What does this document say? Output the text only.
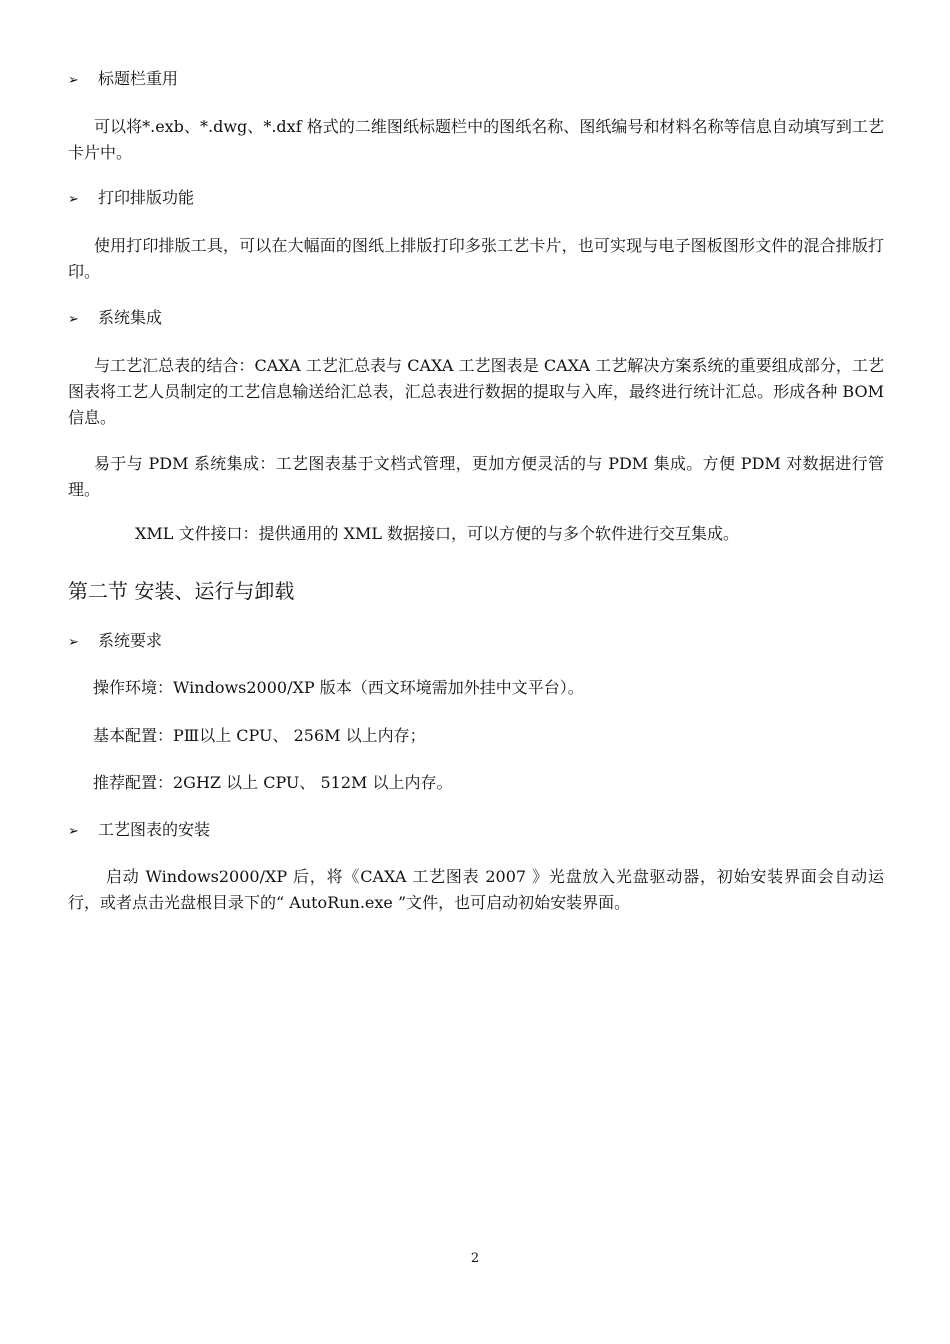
➢ 标题栏重用
可以将*.exb、*.dwg、*.dxf 格式的二维图纸标题栏中的图纸名称、图纸编号和材料名称等信息自动填写到工艺卡片中。
➢ 打印排版功能
使用打印排版工具，可以在大幅面的图纸上排版打印多张工艺卡片，也可实现与电子图板图形文件的混合排版打印。
➢ 系统集成
与工艺汇总表的结合：CAXA 工艺汇总表与 CAXA 工艺图表是 CAXA 工艺解决方案系统的重要组成部分，工艺图表将工艺人员制定的工艺信息输送给汇总表，汇总表进行数据的提取与入库，最终进行统计汇总。形成各种 BOM 信息。
易于与 PDM 系统集成：工艺图表基于文档式管理，更加方便灵活的与 PDM 集成。方便 PDM 对数据进行管理。
XML 文件接口：提供通用的 XML 数据接口，可以方便的与多个软件进行交互集成。
第二节 安装、运行与卸载
➢ 系统要求
操作环境：Windows2000/XP 版本（西文环境需加外挂中文平台）。
基本配置：PⅢ以上 CPU、 256M 以上内存；
推荐配置：2GHZ 以上 CPU、 512M 以上内存。
➢ 工艺图表的安装
启动 Windows2000/XP 后，将《CAXA 工艺图表 2007 》光盘放入光盘驱动器，初始安装界面会自动运行，或者点击光盘根目录下的“ AutoRun.exe ”文件，也可启动初始安装界面。
2
